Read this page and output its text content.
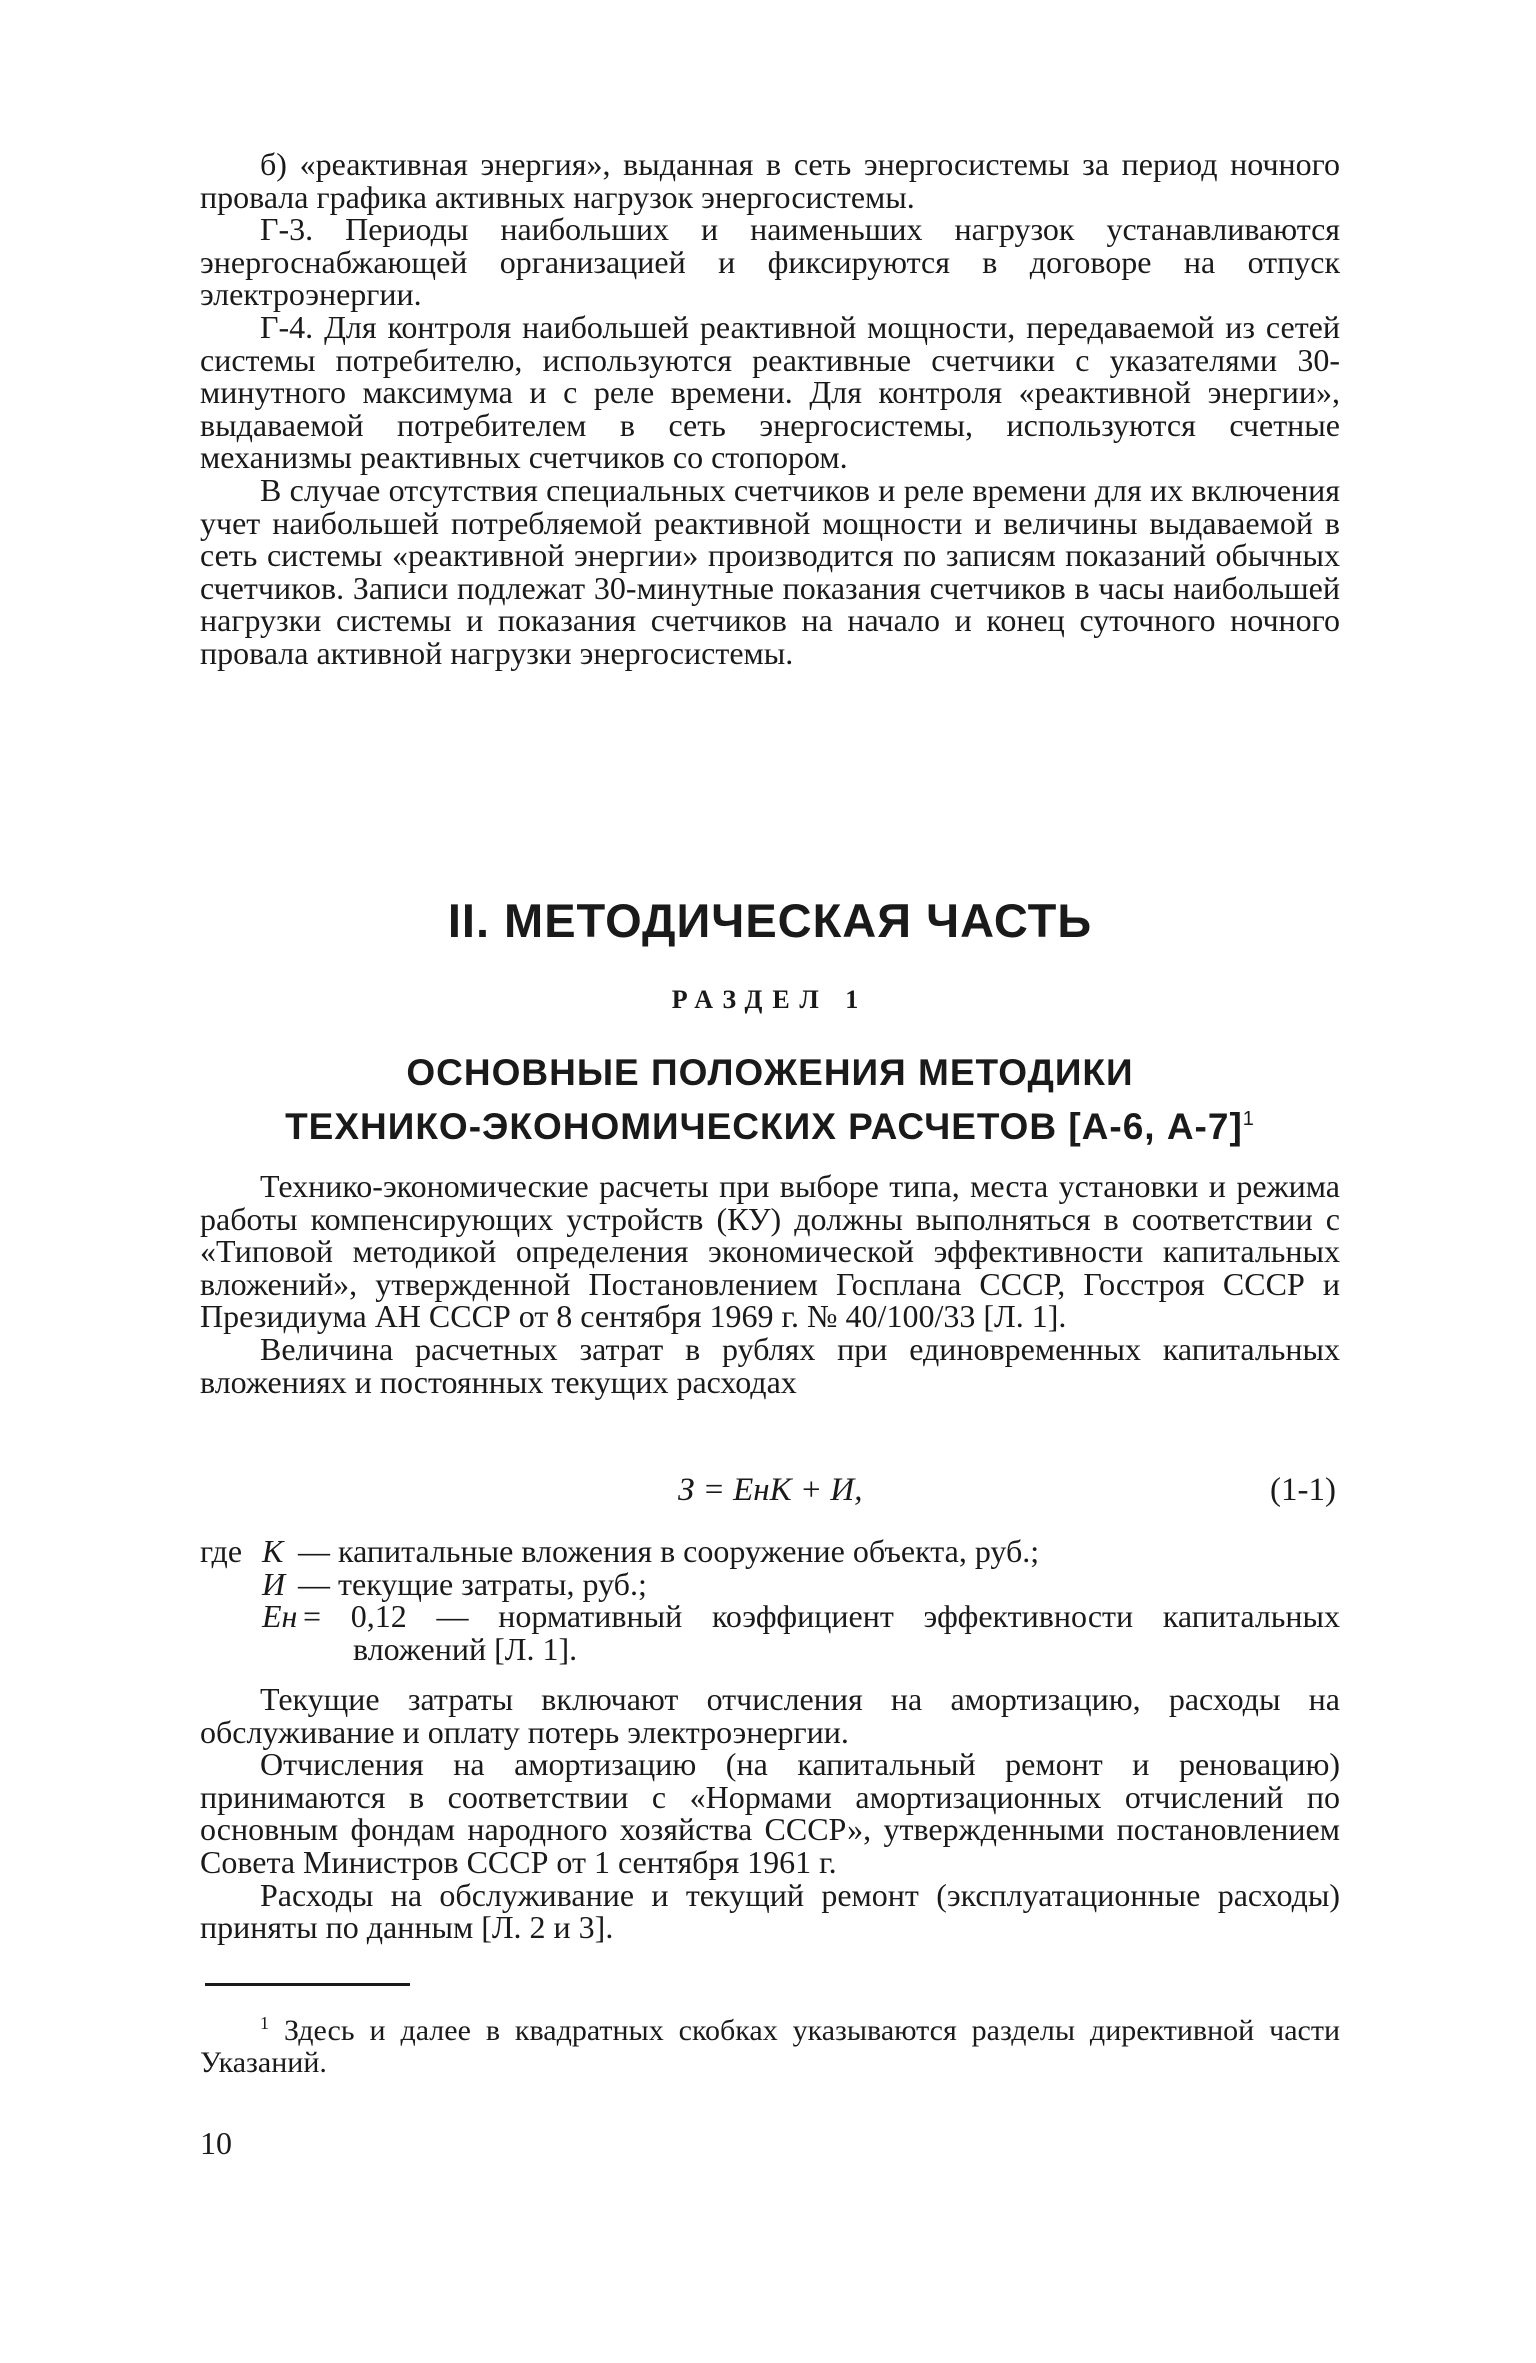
б) «реактивная энергия», выданная в сеть энергосистемы за период ночного провала графика активных нагрузок энергосистемы.

Г-3. Периоды наибольших и наименьших нагрузок устанавливаются энергоснабжающей организацией и фиксируются в договоре на отпуск электроэнергии.

Г-4. Для контроля наибольшей реактивной мощности, передаваемой из сетей системы потребителю, используются реактивные счетчики с указателями 30-минутного максимума и с реле времени. Для контроля «реактивной энергии», выдаваемой потребителем в сеть энергосистемы, используются счетные механизмы реактивных счетчиков со стопором.

В случае отсутствия специальных счетчиков и реле времени для их включения учет наибольшей потребляемой реактивной мощности и величины выдаваемой в сеть системы «реактивной энергии» производится по записям показаний обычных счетчиков. Записи подлежат 30-минутные показания счетчиков в часы наибольшей нагрузки системы и показания счетчиков на начало и конец суточного ночного провала активной нагрузки энергосистемы.

II. МЕТОДИЧЕСКАЯ ЧАСТЬ
РАЗДЕЛ 1
ОСНОВНЫЕ ПОЛОЖЕНИЯ МЕТОДИКИ
ТЕХНИКО-ЭКОНОМИЧЕСКИХ РАСЧЕТОВ [А-6, А-7]$^1$

Технико-экономические расчеты при выборе типа, места установки и режима работы компенсирующих устройств (КУ) должны выполняться в соответствии с «Типовой методикой определения экономической эффективности капитальных вложений», утвержденной Постановлением Госплана СССР, Госстроя СССР и Президиума АН СССР от 8 сентября 1969 г. № 40/100/33 [Л. 1].

Величина расчетных затрат в рублях при единовременных капитальных вложениях и постоянных текущих расходах

З = EнK + И,	(1-1)
где K — капитальные вложения в сооружение объекта, руб.;
И — текущие затраты, руб.;
Eн = 0,12 — нормативный коэффициент эффективности капитальных вложений [Л. 1].

Текущие затраты включают отчисления на амортизацию, расходы на обслуживание и оплату потерь электроэнергии.

Отчисления на амортизацию (на капитальный ремонт и реновацию) принимаются в соответствии с «Нормами амортизационных отчислений по основным фондам народного хозяйства СССР», утвержденными постановлением Совета Министров СССР от 1 сентября 1961 г.

Расходы на обслуживание и текущий ремонт (эксплуатационные расходы) приняты по данным [Л. 2 и 3].

$^1$ Здесь и далее в квадратных скобках указываются разделы директивной части Указаний.

10
